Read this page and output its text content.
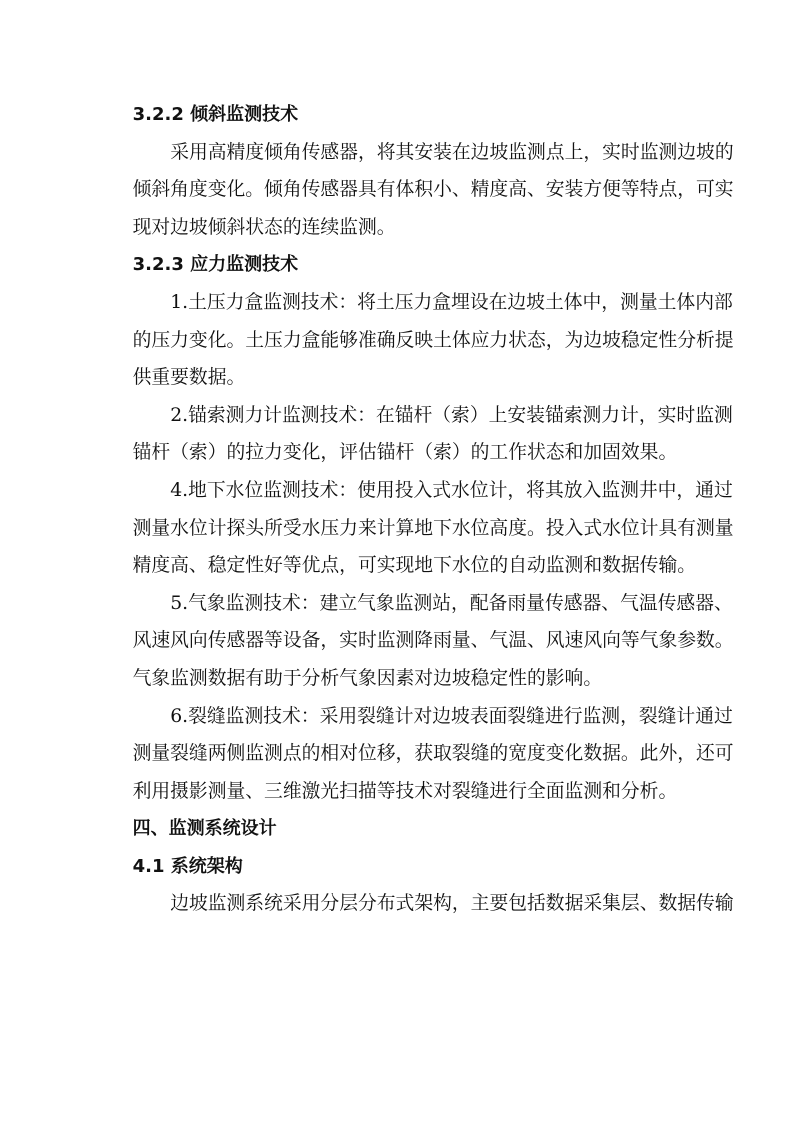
3.2.2 倾斜监测技术
采用高精度倾角传感器，将其安装在边坡监测点上，实时监测边坡的
倾斜角度变化。倾角传感器具有体积小、精度高、安装方便等特点，可实
现对边坡倾斜状态的连续监测。
3.2.3 应力监测技术
1.土压力盒监测技术：将土压力盒埋设在边坡土体中，测量土体内部
的压力变化。土压力盒能够准确反映土体应力状态，为边坡稳定性分析提
供重要数据。
2.锚索测力计监测技术：在锚杆（索）上安装锚索测力计，实时监测
锚杆（索）的拉力变化，评估锚杆（索）的工作状态和加固效果。
4.地下水位监测技术：使用投入式水位计，将其放入监测井中，通过
测量水位计探头所受水压力来计算地下水位高度。投入式水位计具有测量
精度高、稳定性好等优点，可实现地下水位的自动监测和数据传输。
5.气象监测技术：建立气象监测站，配备雨量传感器、气温传感器、
风速风向传感器等设备，实时监测降雨量、气温、风速风向等气象参数。
气象监测数据有助于分析气象因素对边坡稳定性的影响。
6.裂缝监测技术：采用裂缝计对边坡表面裂缝进行监测，裂缝计通过
测量裂缝两侧监测点的相对位移，获取裂缝的宽度变化数据。此外，还可
利用摄影测量、三维激光扫描等技术对裂缝进行全面监测和分析。
四、监测系统设计
4.1 系统架构
边坡监测系统采用分层分布式架构，主要包括数据采集层、数据传输
